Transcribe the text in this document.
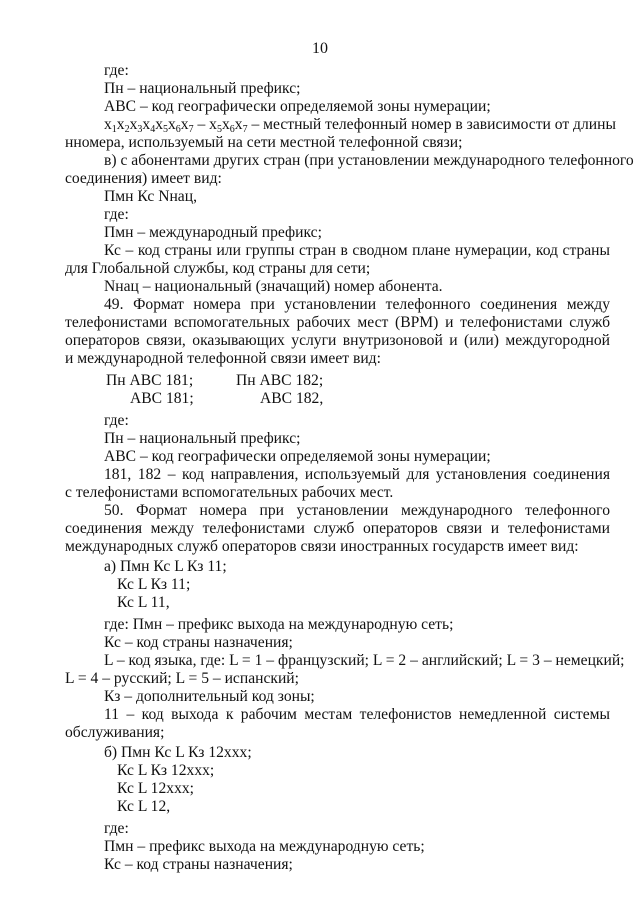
10
где:
Пн – национальный префикс;
ABC – код географически определяемой зоны нумерации;
$x_1x_2x_3x_4x_5x_6x_7 - x_5x_6x_7$ – местный телефонный номер в зависимости от длины
нномера, используемый на сети местной телефонной связи;
в) с абонентами других стран (при установлении международного телефонного
соединения) имеет вид:
Пмн Кс Nнац,
где:
Пмн – международный префикс;
Кс – код страны или группы стран в сводном плане нумерации, код страны
для Глобальной службы, код страны для сети;
Nнац – национальный (значащий) номер абонента.
49. Формат номера при установлении телефонного соединения между
телефонистами вспомогательных рабочих мест (ВРМ) и телефонистами служб
операторов связи, оказывающих услуги внутризоновой и (или) междугородной
и международной телефонной связи имеет вид:
Пн ABC 181;	Пн ABC 182;
ABC 181;	ABC 182,
где:
Пн – национальный префикс;
ABC – код географически определяемой зоны нумерации;
181, 182 – код направления, используемый для установления соединения
с телефонистами вспомогательных рабочих мест.
50. Формат номера при установлении международного телефонного
соединения между телефонистами служб операторов связи и телефонистами
международных служб операторов связи иностранных государств имеет вид:
а) Пмн Кс L Кз 11;
Кс L Кз 11;
Кс L 11,
где: Пмн – префикс выхода на международную сеть;
Кс – код страны назначения;
L – код языка, где: L = 1 – французский; L = 2 – английский; L = 3 – немецкий;
L = 4 – русский; L = 5 – испанский;
Кз – дополнительный код зоны;
11 – код выхода к рабочим местам телефонистов немедленной системы
обслуживания;
б) Пмн Кс L Кз 12ххх;
Кс L Кз 12ххх;
Кс L 12ххх;
Кс L 12,
где:
Пмн – префикс выхода на международную сеть;
Кс – код страны назначения;
